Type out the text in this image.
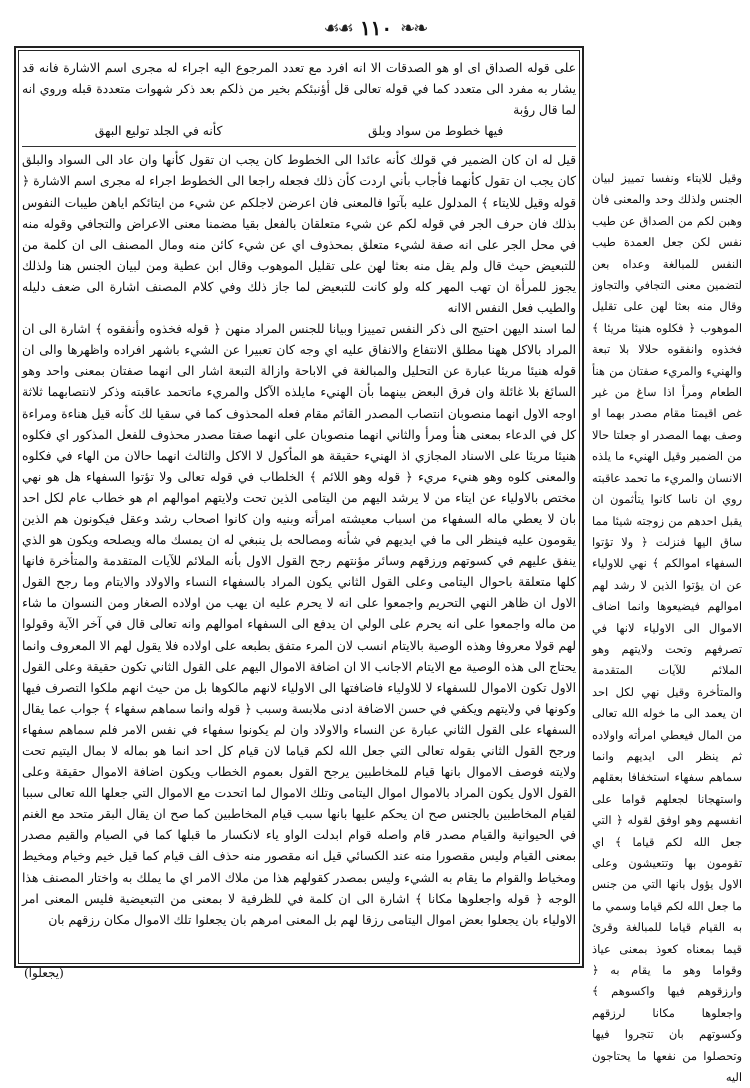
☙☙ ١١٠ ❧❧

على قوله الصداق اى او هو الصدقات الا انه افرد مع تعدد المرجوع اليه اجراء له مجرى اسم الاشارة فانه قد يشار به مفرد الى متعدد كما في قوله تعالى قل أؤنبئكم بخير من ذلكم بعد ذكر شهوات متعددة قبله وروي انه لما قال رؤبة

فيها خطوط من سواد وبلق
كأنه في الجلد توليع البهق

قيل له ان كان الضمير في قولك كأنه عائدا الى الخطوط كان يجب ان تقول كأنها وان عاد الى السواد والبلق كان يجب ان تقول كأنهما فأجاب بأني اردت كأن ذلك فجعله راجعا الى الخطوط اجراء له مجرى اسم الاشارة ﴿ قوله وقيل للايتاء ﴾ المدلول عليه بآتوا فالمعنى فان اعرضن لاجلكم عن شيء من ايتائكم اياهن طيبات النفوس بذلك فان حرف الجر في قوله لكم عن شيء متعلقان بالفعل بقيا مضمنا معنى الاعراض والتجافي وقوله منه في محل الجر على انه صفة لشيء متعلق بمحذوف اي عن شيء كائن منه ومال المصنف الى ان كلمة من للتبعيض حيث قال ولم يقل منه بعثا لهن على تقليل الموهوب وقال ابن عطية ومن لبيان الجنس هنا ولذلك يجوز للمرأة ان تهب المهر كله ولو كانت للتبعيض لما جاز ذلك وفي كلام المصنف اشارة الى ضعف دليله والطيب فعل النفس الاانه

لما اسند اليهن احتيج الى ذكر النفس تمييزا وبيانا للجنس المراد منهن ﴿ قوله فخذوه وأنفقوه ﴾ اشارة الى ان المراد بالاكل ههنا مطلق الانتفاع والانفاق عليه اي وجه كان تعبيرا عن الشيء باشهر افراده واظهرها والى ان قوله هنيئا مريئا عبارة عن التحليل والمبالغة في الاباحة وازالة التبعة اشار الى انهما صفتان بمعنى واحد وهو السائغ بلا غائلة وان فرق البعض بينهما بأن الهنيء مايلذه الآكل والمريء ماتحمد عاقبته وذكر لانتصابهما ثلاثة اوجه الاول انهما منصوبان انتصاب المصدر القائم مقام فعله المحذوف كما في سقيا لك كأنه قيل هناءة ومراءة كل في الدعاء بمعنى هنأ ومرأ والثاني انهما منصوبان على انهما صفتا مصدر محذوف للفعل المذكور اي فكلوه هنيئا مريئا على الاسناد المجازي اذ الهنيء حقيقة هو المأكول لا الاكل والثالث انهما حالان من الهاء في فكلوه والمعنى كلوه وهو هنيء مريء ﴿ قوله وهو اللائم ﴾ الخلطاب في قوله تعالى ولا تؤتوا السفهاء هل هو نهي مختص بالاولياء عن ايتاء من لا يرشد اليهم من اليتامى الذين تحت ولايتهم اموالهم ام هو خطاب عام لكل احد بان لا يعطي ماله السفهاء من اسباب معيشته امرأته وبنيه وان كانوا اصحاب رشد وعقل فيكونون هم الذين يقومون عليه فينظر الى ما في ايديهم في شأنه ومصالحه بل ينبغي له ان يمسك ماله ويصلحه ويكون هو الذي ينفق عليهم في كسوتهم ورزقهم وسائر مؤنتهم رجح القول الاول بأنه الملائم للآيات المتقدمة والمتأخرة فانها كلها متعلقة باحوال اليتامى وعلى القول الثاني يكون المراد بالسفهاء النساء والاولاد والايتام وما رجح القول الاول ان ظاهر النهي التحريم واجمعوا على انه لا يحرم عليه ان يهب من اولاده الصغار ومن النسوان ما شاء من ماله واجمعوا على انه يحرم على الولي ان يدفع الى السفهاء اموالهم وانه تعالى قال في آخر الآية وقولوا لهم قولا معروفا وهذه الوصية بالايتام انسب لان المرء متفق بطبعه على اولاده فلا يقول لهم الا المعروف وانما يحتاج الى هذه الوصية مع الايتام الاجانب الا ان اضافة الاموال اليهم على القول الثاني تكون حقيقة وعلى القول الاول تكون الاموال للسفهاء لا للاولياء فاضافتها الى الاولياء لانهم مالكوها بل من حيث انهم ملكوا التصرف فيها وكونها في ولايتهم ويكفي في حسن الاضافة ادنى ملابسة وسبب ﴿ قوله وانما سماهم سفهاء ﴾ جواب عما يقال السفهاء على القول الثاني عبارة عن النساء والاولاد وان لم يكونوا سفهاء في نفس الامر فلم سماهم سفهاء ورجح القول الثاني بقوله تعالى التي جعل الله لكم قياما لان قيام كل احد انما هو بماله لا بمال اليتيم تحت ولايته فوصف الاموال بانها قيام للمخاطبين يرجح القول بعموم الخطاب ويكون اضافة الاموال حقيقة وعلى القول الاول يكون المراد بالاموال اموال اليتامى وتلك الاموال لما اتحدت مع الاموال التي جعلها الله تعالى سببا لقيام المخاطبين بالجنس صح ان يحكم عليها بانها سبب قيام المخاطبين كما صح ان يقال البقر متحد مع الغنم في الحيوانية والقيام مصدر قام واصله قوام ابدلت الواو ياء لانكسار ما قبلها كما في الصيام والقيم مصدر بمعنى القيام وليس مقصورا منه عند الكسائي قيل انه مقصور منه حذف الف قيام كما قيل خيم وخيام ومخيط ومخياط والقوام ما يقام به الشيء وليس بمصدر كقولهم هذا من ملاك الامر اي ما يملك به واختار المصنف هذا الوجه ﴿ قوله واجعلوها مكانا ﴾ اشارة الى ان كلمة في للظرفية لا بمعنى من التبعيضية فليس المعنى امر الاولياء بان يجعلوا بعض اموال اليتامى رزقا لهم بل المعنى امرهم بان يجعلوا تلك الاموال مكان رزقهم بان

وقيل للايتاء ونفسا تمييز لبيان الجنس ولذلك وحد والمعنى فان وهبن لكم من الصداق عن طيب نفس لكن جعل العمدة طيب النفس للمبالغة وعداه بعن لتضمين معنى التجافي والتجاوز وقال منه بعثا لهن على تقليل الموهوب ﴿ فكلوه هنيئا مريئا ﴾ فخذوه وانفقوه حلالا بلا تبعة والهنيء والمريء صفتان من هنأ الطعام ومرأ اذا ساغ من غير غص اقيمتا مقام مصدر بهما او وصف بهما المصدر او جعلتا حالا من الضمير وقيل الهنيء ما يلذه الانسان والمريء ما تحمد عاقبته روي ان ناسا كانوا يتأثمون ان يقبل احدهم من زوجته شيئا مما ساق اليها فنزلت ﴿ ولا تؤتوا السفهاء اموالكم ﴾ نهي للاولياء عن ان يؤتوا الذين لا رشد لهم اموالهم فيضيعوها وانما اضاف الاموال الى الاولياء لانها في تصرفهم وتحت ولايتهم وهو الملائم للآيات المتقدمة والمتأخرة وقيل نهي لكل احد ان يعمد الى ما خوله الله تعالى من المال فيعطي امرأته واولاده ثم ينظر الى ايديهم وانما سماهم سفهاء استخفافا بعقلهم واستهجانا لجعلهم قواما على انفسهم وهو اوفق لقوله ﴿ التي جعل الله لكم قياما ﴾ اي تقومون بها وتتعيشون وعلى الاول يؤول بانها التي من جنس ما جعل الله لكم قياما وسمي ما به القيام قياما للمبالغة وقرئ قيما بمعناه كعوذ بمعنى عياذ وقواما وهو ما يقام به ﴿ وارزقوهم فيها واكسوهم ﴾ واجعلوها مكانا لرزقهم وكسوتهم بان تتجروا فيها وتحصلوا من نفعها ما يحتاجون اليه

(يجعلوا)
